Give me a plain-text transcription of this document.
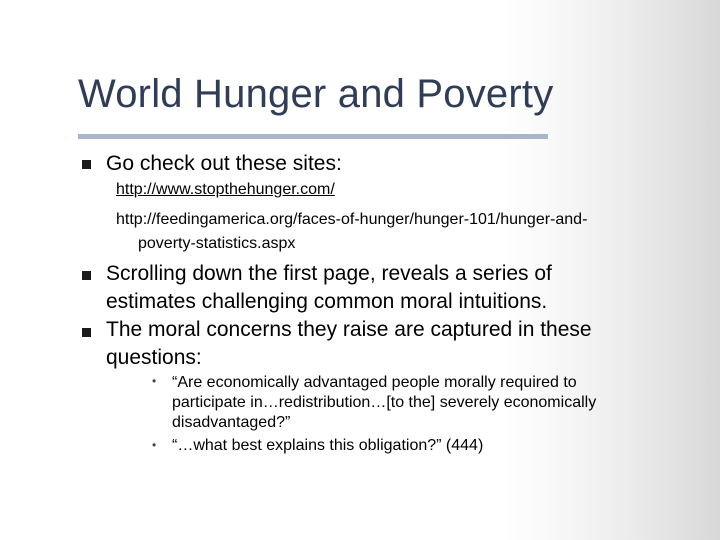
World Hunger and Poverty
Go check out these sites:
http://www.stopthehunger.com/
http://feedingamerica.org/faces-of-hunger/hunger-101/hunger-and-
poverty-statistics.aspx
Scrolling down the first page, reveals a series of
estimates challenging common moral intuitions.
The moral concerns they raise are captured in these
questions:
• “Are economically advantaged people morally required to
participate in…redistribution…[to the] severely economically
disadvantaged?”
• “…what best explains this obligation?” (444)
